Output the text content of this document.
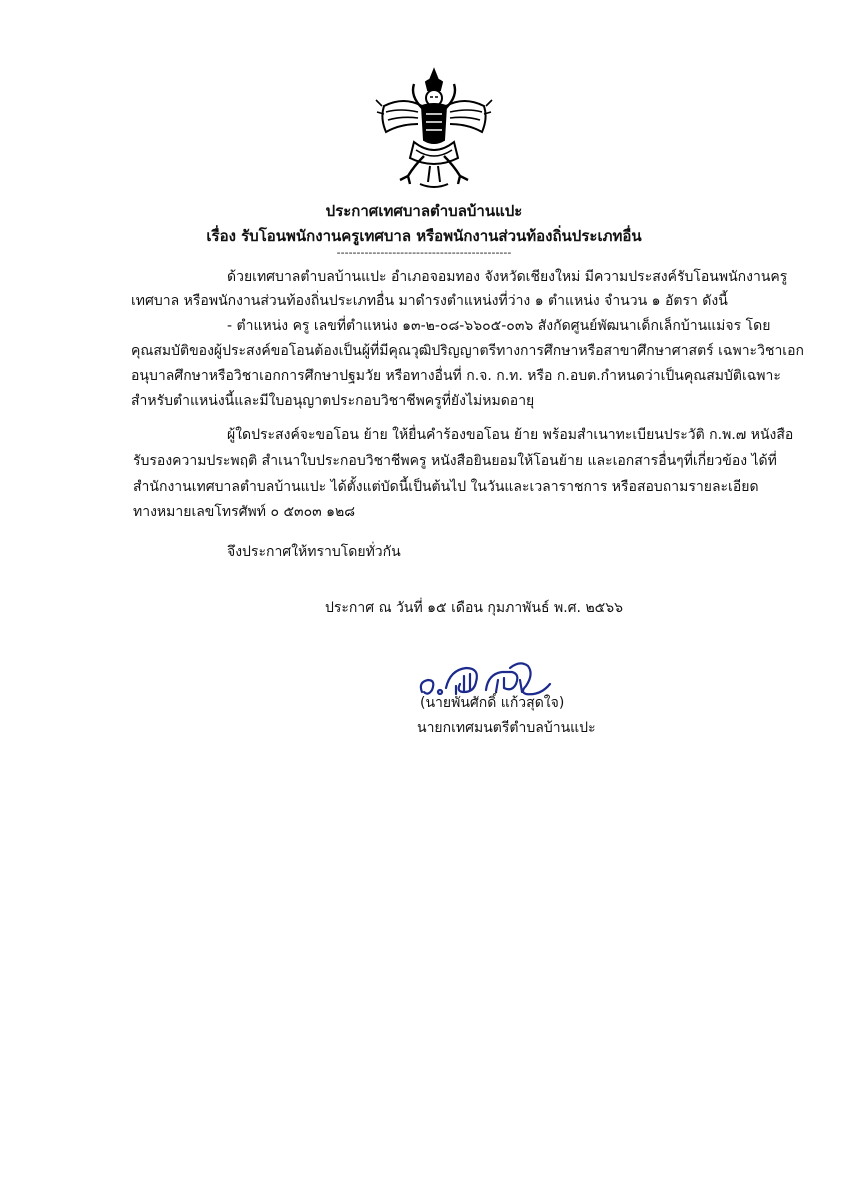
ประกาศเทศบาลตำบลบ้านแปะ
เรื่อง รับโอนพนักงานครูเทศบาล หรือพนักงานส่วนท้องถิ่นประเภทอื่น
--------------------------------------------
ด้วยเทศบาลตำบลบ้านแปะ อำเภอจอมทอง จังหวัดเชียงใหม่ มีความประสงค์รับโอนพนักงานครู
เทศบาล หรือพนักงานส่วนท้องถิ่นประเภทอื่น มาดำรงตำแหน่งที่ว่าง ๑ ตำแหน่ง จำนวน ๑ อัตรา ดังนี้
- ตำแหน่ง ครู เลขที่ตำแหน่ง ๑๓-๒-๐๘-๖๖๐๕-๐๓๖ สังกัดศูนย์พัฒนาเด็กเล็กบ้านแม่จร โดย
คุณสมบัติของผู้ประสงค์ขอโอนต้องเป็นผู้ที่มีคุณวุฒิปริญญาตรีทางการศึกษาหรือสาขาศึกษาศาสตร์ เฉพาะวิชาเอก
อนุบาลศึกษาหรือวิชาเอกการศึกษาปฐมวัย หรือทางอื่นที่ ก.จ. ก.ท. หรือ ก.อบต.กำหนดว่าเป็นคุณสมบัติเฉพาะ
สำหรับตำแหน่งนี้และมีใบอนุญาตประกอบวิชาชีพครูที่ยังไม่หมดอายุ
ผู้ใดประสงค์จะขอโอน ย้าย ให้ยื่นคำร้องขอโอน ย้าย พร้อมสำเนาทะเบียนประวัติ ก.พ.๗ หนังสือ
รับรองความประพฤติ สำเนาใบประกอบวิชาชีพครู หนังสือยินยอมให้โอนย้าย และเอกสารอื่นๆที่เกี่ยวข้อง ได้ที่
สำนักงานเทศบาลตำบลบ้านแปะ ได้ตั้งแต่บัดนี้เป็นต้นไป ในวันและเวลาราชการ หรือสอบถามรายละเอียด
ทางหมายเลขโทรศัพท์ ๐ ๕๓๐๓ ๑๒๘
จึงประกาศให้ทราบโดยทั่วกัน
ประกาศ ณ วันที่ ๑๕ เดือน กุมภาพันธ์ พ.ศ. ๒๕๖๖
(นายพันศักดิ์ แก้วสุดใจ)
นายกเทศมนตรีตำบลบ้านแปะ
